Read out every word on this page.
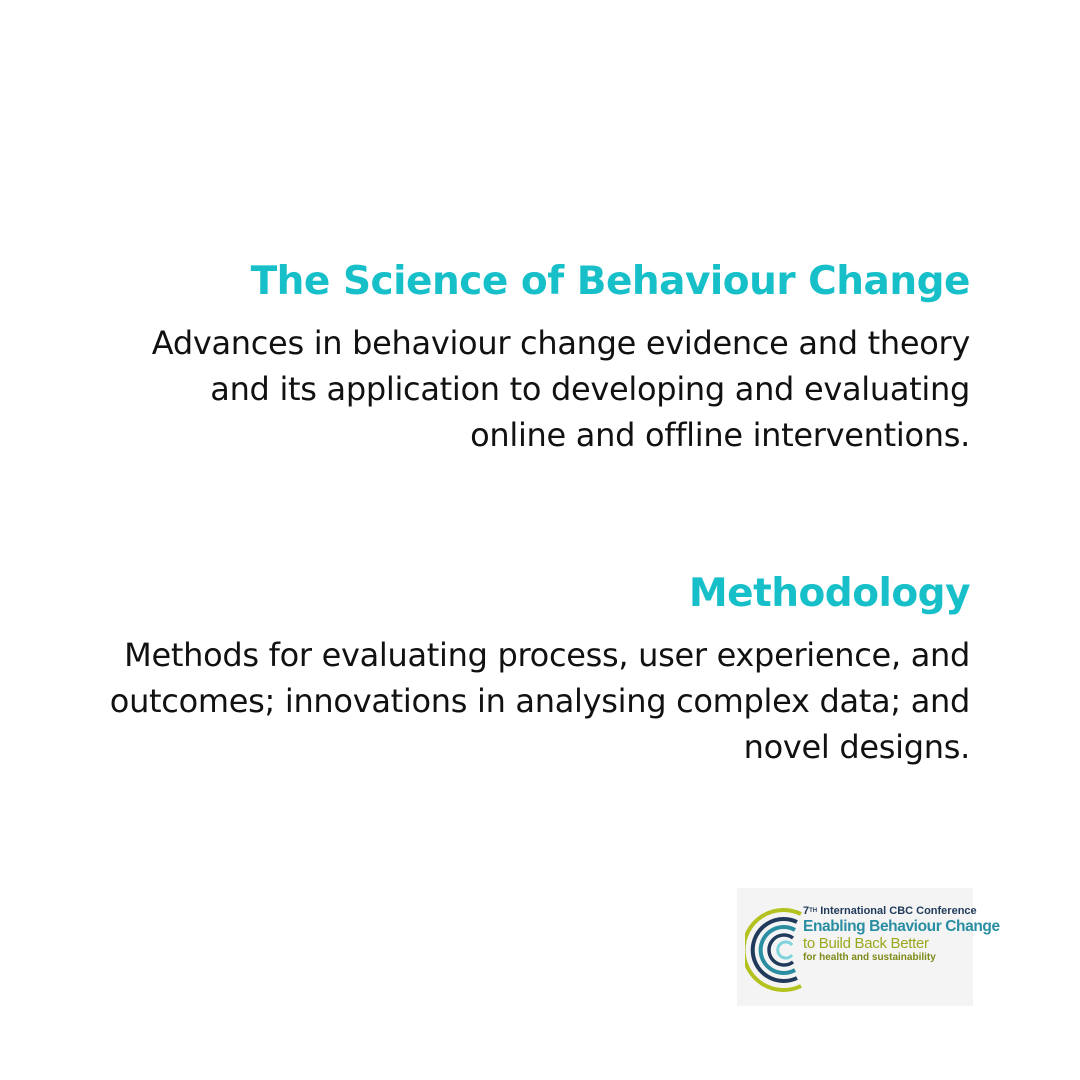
The Science of Behaviour Change

Advances in behaviour change evidence and theory
and its application to developing and evaluating
online and offline interventions.

Methodology

Methods for evaluating process, user experience, and
outcomes; innovations in analysing complex data; and
novel designs.

7TH International CBC Conference
Enabling Behaviour Change
to Build Back Better
for health and sustainability
